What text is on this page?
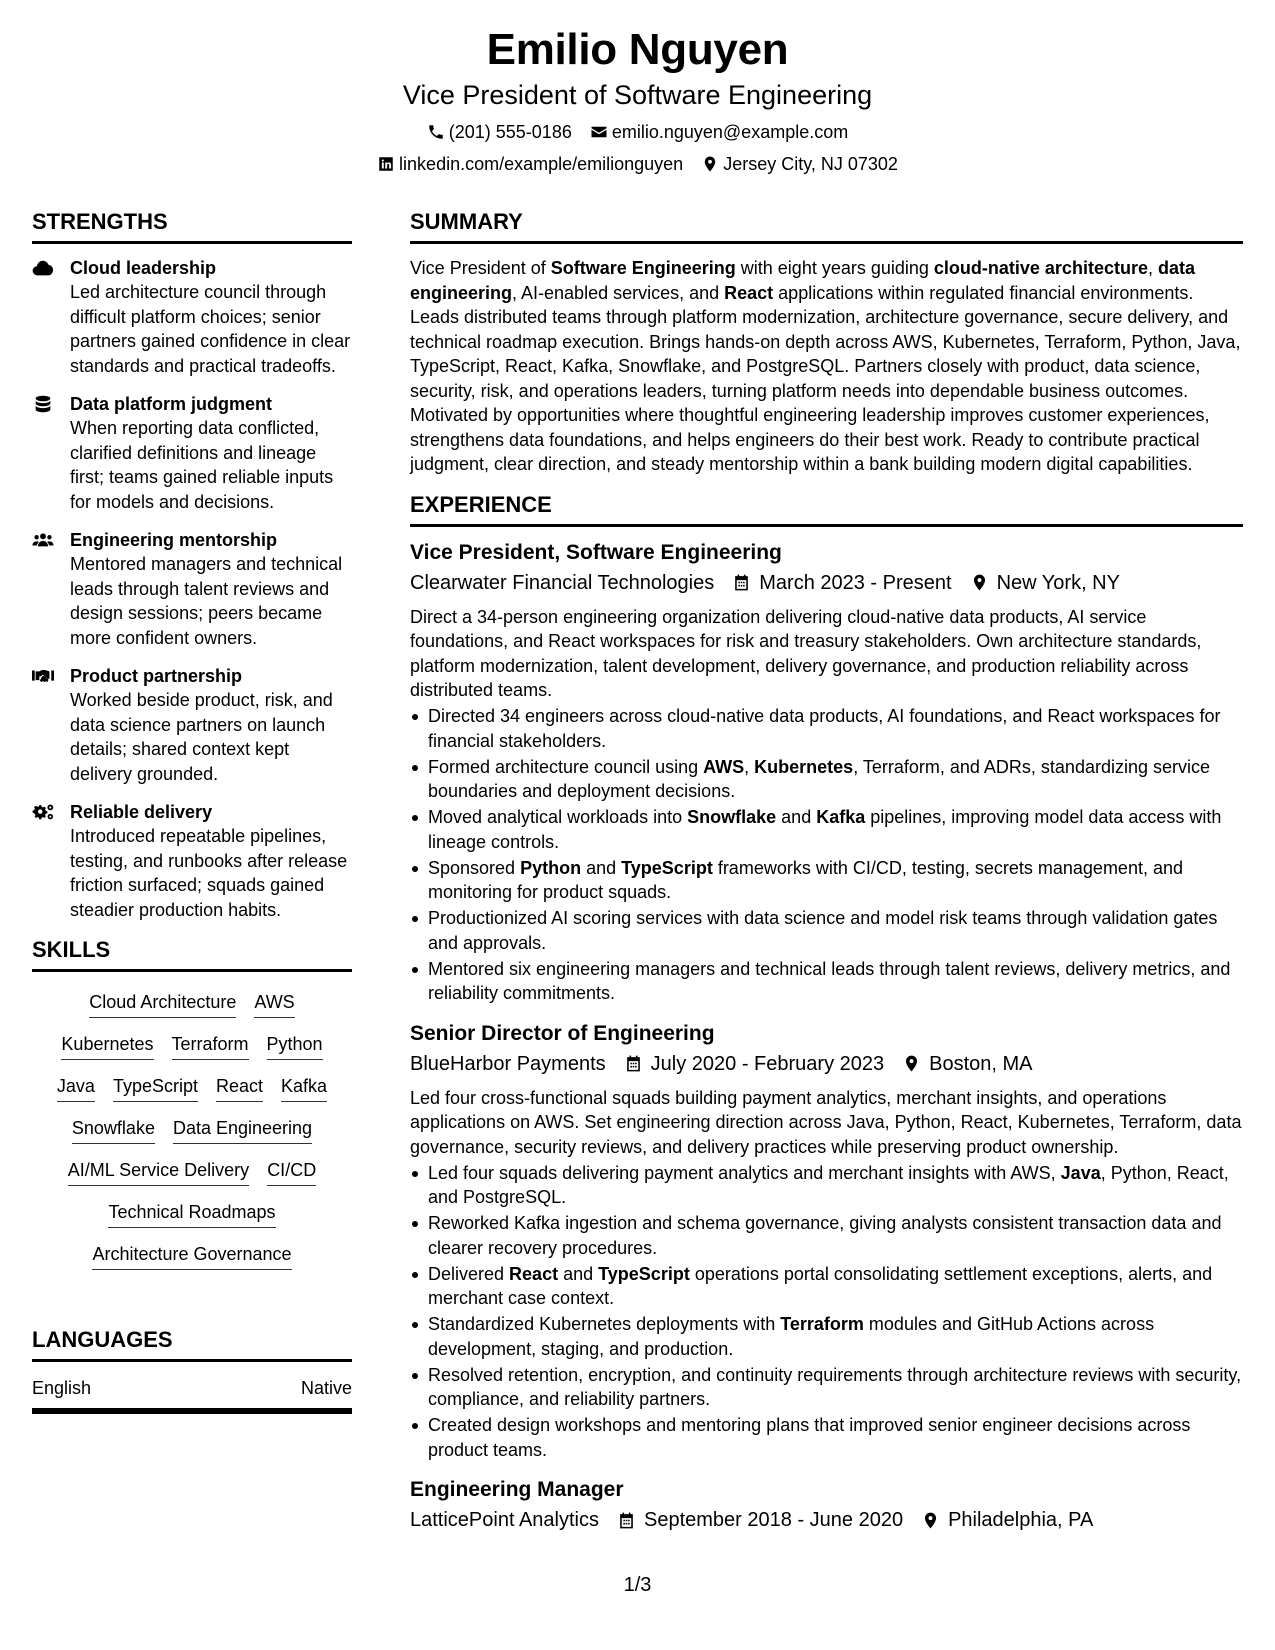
Emilio Nguyen
Vice President of Software Engineering
(201) 555-0186 emilio.nguyen@example.com
linkedin.com/example/emilionguyen Jersey City, NJ 07302
STRENGTHS
Cloud leadership
Led architecture council through difficult platform choices; senior partners gained confidence in clear standards and practical tradeoffs.
Data platform judgment
When reporting data conflicted, clarified definitions and lineage first; teams gained reliable inputs for models and decisions.
Engineering mentorship
Mentored managers and technical leads through talent reviews and design sessions; peers became more confident owners.
Product partnership
Worked beside product, risk, and data science partners on launch details; shared context kept delivery grounded.
Reliable delivery
Introduced repeatable pipelines, testing, and runbooks after release friction surfaced; squads gained steadier production habits.
SKILLS
Cloud Architecture AWS
Kubernetes Terraform Python
Java TypeScript React Kafka
Snowflake Data Engineering
AI/ML Service Delivery CI/CD
Technical Roadmaps
Architecture Governance
LANGUAGES
English	Native
SUMMARY
Vice President of Software Engineering with eight years guiding cloud-native architecture, data engineering, AI-enabled services, and React applications within regulated financial environments. Leads distributed teams through platform modernization, architecture governance, secure delivery, and technical roadmap execution. Brings hands-on depth across AWS, Kubernetes, Terraform, Python, Java, TypeScript, React, Kafka, Snowflake, and PostgreSQL. Partners closely with product, data science, security, risk, and operations leaders, turning platform needs into dependable business outcomes. Motivated by opportunities where thoughtful engineering leadership improves customer experiences, strengthens data foundations, and helps engineers do their best work. Ready to contribute practical judgment, clear direction, and steady mentorship within a bank building modern digital capabilities.
EXPERIENCE
Vice President, Software Engineering
Clearwater Financial Technologies March 2023 - Present New York, NY
Direct a 34-person engineering organization delivering cloud-native data products, AI service foundations, and React workspaces for risk and treasury stakeholders. Own architecture standards, platform modernization, talent development, delivery governance, and production reliability across distributed teams.
Directed 34 engineers across cloud-native data products, AI foundations, and React workspaces for financial stakeholders.
Formed architecture council using AWS, Kubernetes, Terraform, and ADRs, standardizing service boundaries and deployment decisions.
Moved analytical workloads into Snowflake and Kafka pipelines, improving model data access with lineage controls.
Sponsored Python and TypeScript frameworks with CI/CD, testing, secrets management, and monitoring for product squads.
Productionized AI scoring services with data science and model risk teams through validation gates and approvals.
Mentored six engineering managers and technical leads through talent reviews, delivery metrics, and reliability commitments.
Senior Director of Engineering
BlueHarbor Payments July 2020 - February 2023 Boston, MA
Led four cross-functional squads building payment analytics, merchant insights, and operations applications on AWS. Set engineering direction across Java, Python, React, Kubernetes, Terraform, data governance, security reviews, and delivery practices while preserving product ownership.
Led four squads delivering payment analytics and merchant insights with AWS, Java, Python, React, and PostgreSQL.
Reworked Kafka ingestion and schema governance, giving analysts consistent transaction data and clearer recovery procedures.
Delivered React and TypeScript operations portal consolidating settlement exceptions, alerts, and merchant case context.
Standardized Kubernetes deployments with Terraform modules and GitHub Actions across development, staging, and production.
Resolved retention, encryption, and continuity requirements through architecture reviews with security, compliance, and reliability partners.
Created design workshops and mentoring plans that improved senior engineer decisions across product teams.
Engineering Manager
LatticePoint Analytics September 2018 - June 2020 Philadelphia, PA
1/3
